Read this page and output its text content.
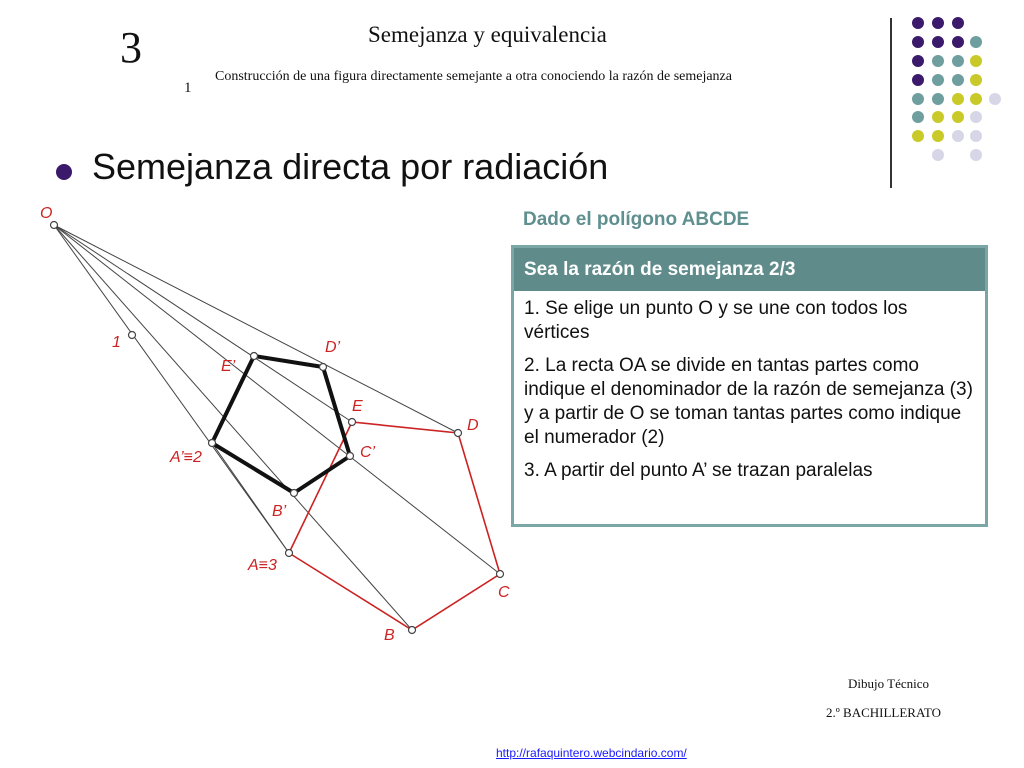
3	Semejanza y equivalencia
1
Construcción de una figura directamente semejante a otra conociendo la razón de semejanza
Semejanza directa por radiación
O
1
E’
D’
E
D
C’
A’≡2
B’
A≡3
C
B
Dado el polígono ABCDE
Sea la razón de semejanza 2/3
1. Se elige un punto O y se une con todos los vértices
2. La recta OA se divide en tantas partes como indique el denominador de la razón de semejanza (3) y a partir de O se toman tantas partes como indique el numerador (2)
3. A partir del punto A’ se trazan paralelas
Dibujo Técnico
2.º BACHILLERATO
http://rafaquintero.webcindario.com/
